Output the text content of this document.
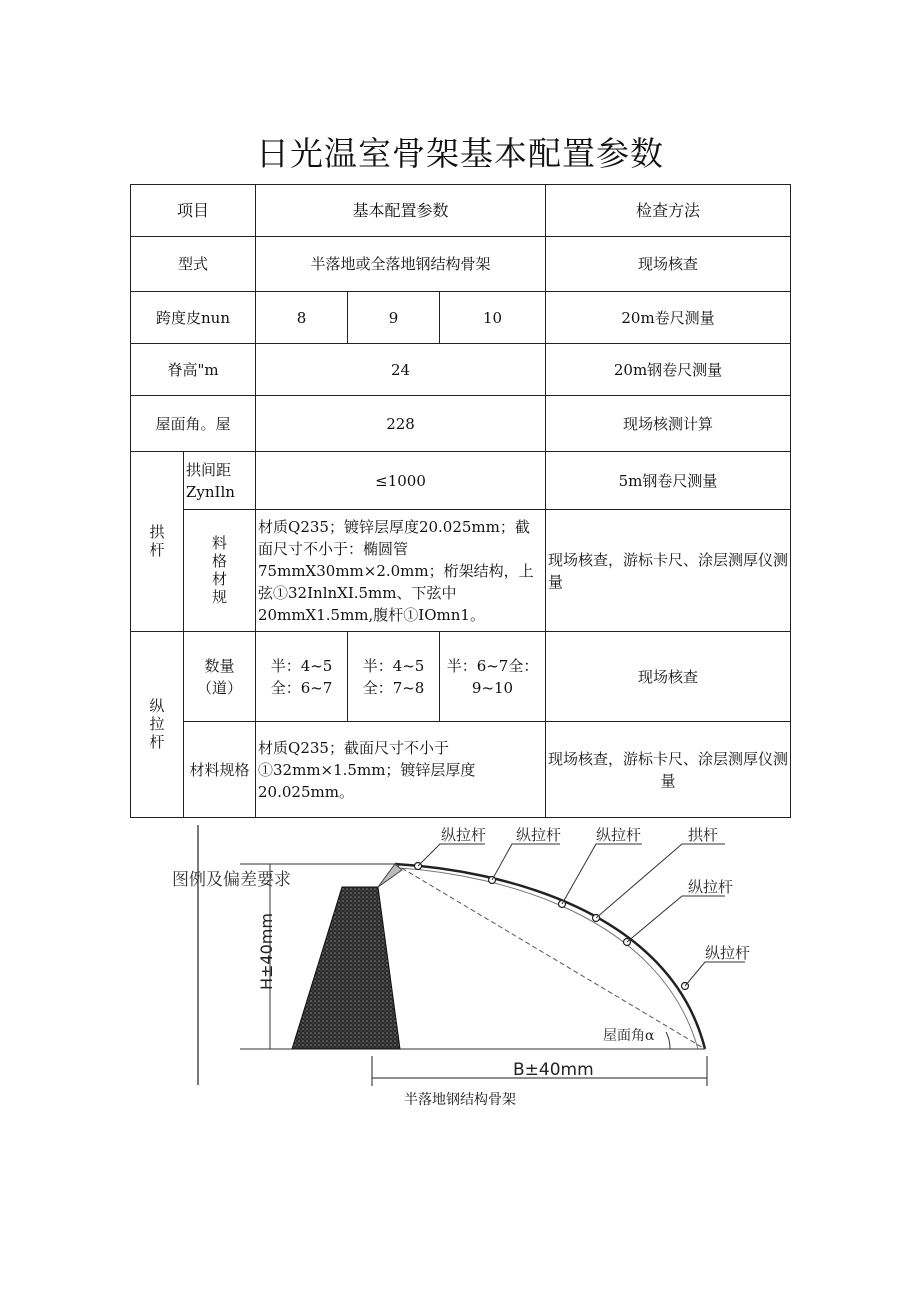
日光温室骨架基本配置参数
项目		基本配置参数			检查方法
型式		半落地或全落地钢结构骨架			现场核查
跨度皮nun		8	9	10	20m卷尺测量
脊高"m		24			20m钢卷尺测量
屋面角。屋		228			现场核测计算
拱杆	拱间距ZynIln	≤1000			5m钢卷尺测量
	料格材规	材质Q235；镀锌层厚度20.025mm；截面尺寸不小于：椭圆管75mmX30mm×2.0mm；桁架结构，上弦①32InlnXI.5mm、下弦中20mmX1.5mm,腹杆①IOmn1。			现场核查，游标卡尺、涂层测厚仪测量
纵拉杆	数量（道）	半：4~5 全：6~7	半：4~5 全：7~8	半：6~7全：9~10	现场核查
	材料规格	材质Q235；截面尺寸不小于①32mm×1.5mm；镀锌层厚度20.025mm。			现场核查，游标卡尺、涂层测厚仪测量
图例及偏差要求
H±40mm
纵拉杆 纵拉杆 纵拉杆	拱杆
纵拉杆
纵拉杆
屋面角α
B±40mm
半落地钢结构骨架
